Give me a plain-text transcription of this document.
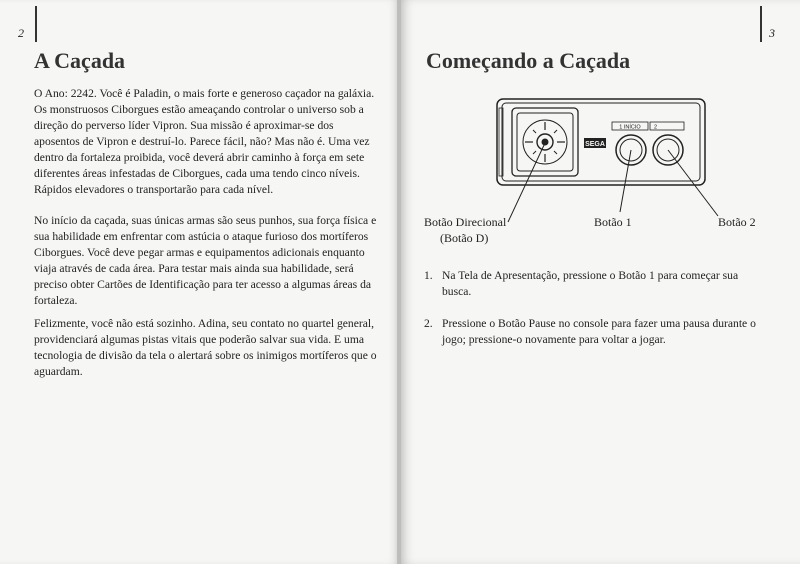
2	3
A Caçada

O Ano: 2242. Você é Paladin, o mais forte e generoso caçador na galáxia. Os monstruosos Ciborgues estão ameaçando controlar o universo sob a direção do perverso líder Vipron. Sua missão é aproximar-se dos aposentos de Vipron e destruí-lo. Parece fácil, não? Mas não é. Uma vez dentro da fortaleza proibida, você deverá abrir caminho à força em sete diferentes áreas infestadas de Ciborgues, cada uma tendo cinco níveis. Rápidos elevadores o transportarão para cada nível.

No início da caçada, suas únicas armas são seus punhos, sua força física e sua habilidade em enfrentar com astúcia o ataque furioso dos mortíferos Ciborgues. Você deve pegar armas e equipamentos adicionais enquanto viaja através de cada área. Para testar mais ainda sua habilidade, será preciso obter Cartões de Identificação para ter acesso a algumas áreas da fortaleza.

Felizmente, você não está sozinho. Adina, seu contato no quartel general, providenciará algumas pistas vitais que poderão salvar sua vida. E uma tecnologia de divisão da tela o alertará sobre os inimigos mortíferos que o aguardam.

Começando a Caçada
SEGA
1 INÍCIO 2
Botão Direcional
(Botão D)
Botão 1	Botão 2
1. Na Tela de Apresentação, pressione o Botão 1 para começar sua busca.
2. Pressione o Botão Pause no console para fazer uma pausa durante o jogo; pressione-o novamente para voltar a jogar.
